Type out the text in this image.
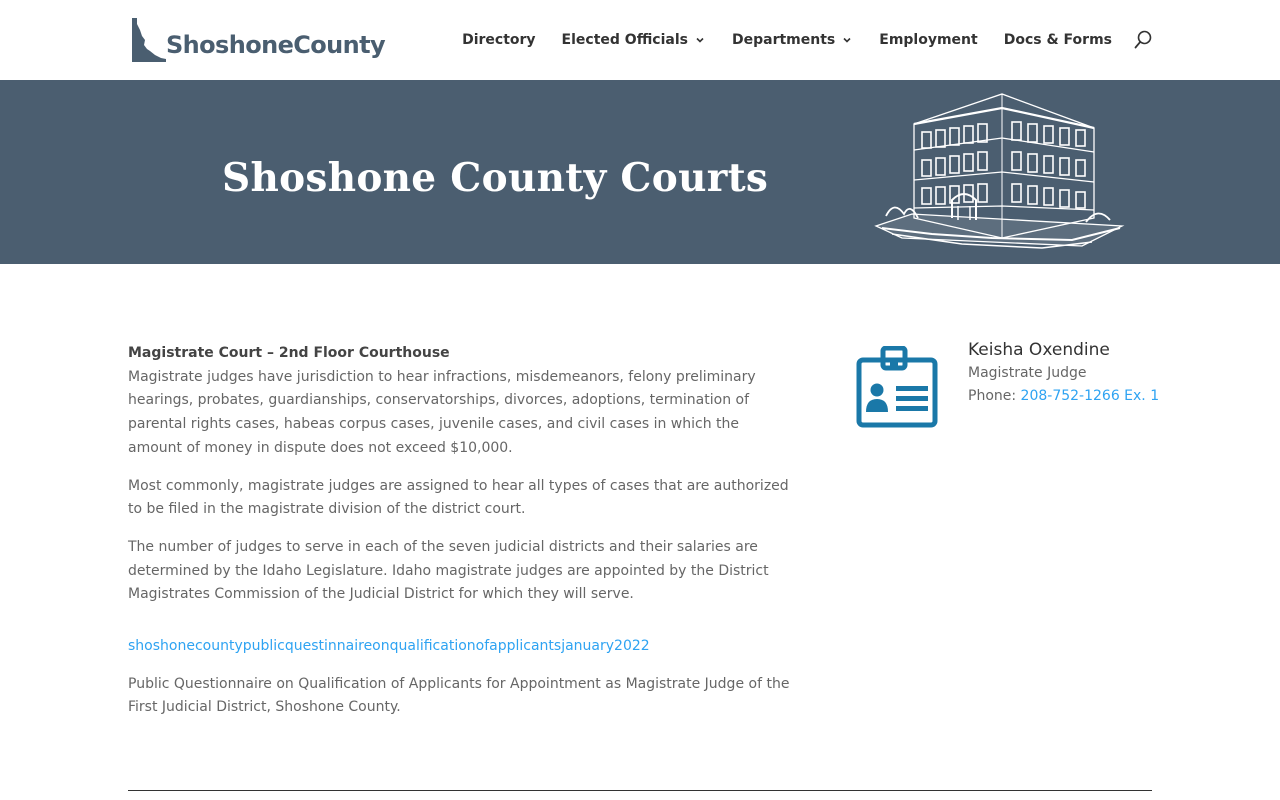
ShoshoneCounty	Directory Elected Officials	Departments	Employment Docs & Forms
Shoshone County Courts

Magistrate Court – 2nd Floor Courthouse
Magistrate judges have jurisdiction to hear infractions, misdemeanors, felony preliminary hearings, probates, guardianships, conservatorships, divorces, adoptions, termination of parental rights cases, habeas corpus cases, juvenile cases, and civil cases in which the amount of money in dispute does not exceed $10,000.

Most commonly, magistrate judges are assigned to hear all types of cases that are authorized to be filed in the magistrate division of the district court.

The number of judges to serve in each of the seven judicial districts and their salaries are determined by the Idaho Legislature. Idaho magistrate judges are appointed by the District Magistrates Commission of the Judicial District for which they will serve.

shoshonecountypublicquestinnaireonqualificationofapplicantsjanuary2022

Public Questionnaire on Qualification of Applicants for Appointment as Magistrate Judge of the First Judicial District, Shoshone County.

Keisha Oxendine
Magistrate Judge
Phone: 208-752-1266 Ex. 1
